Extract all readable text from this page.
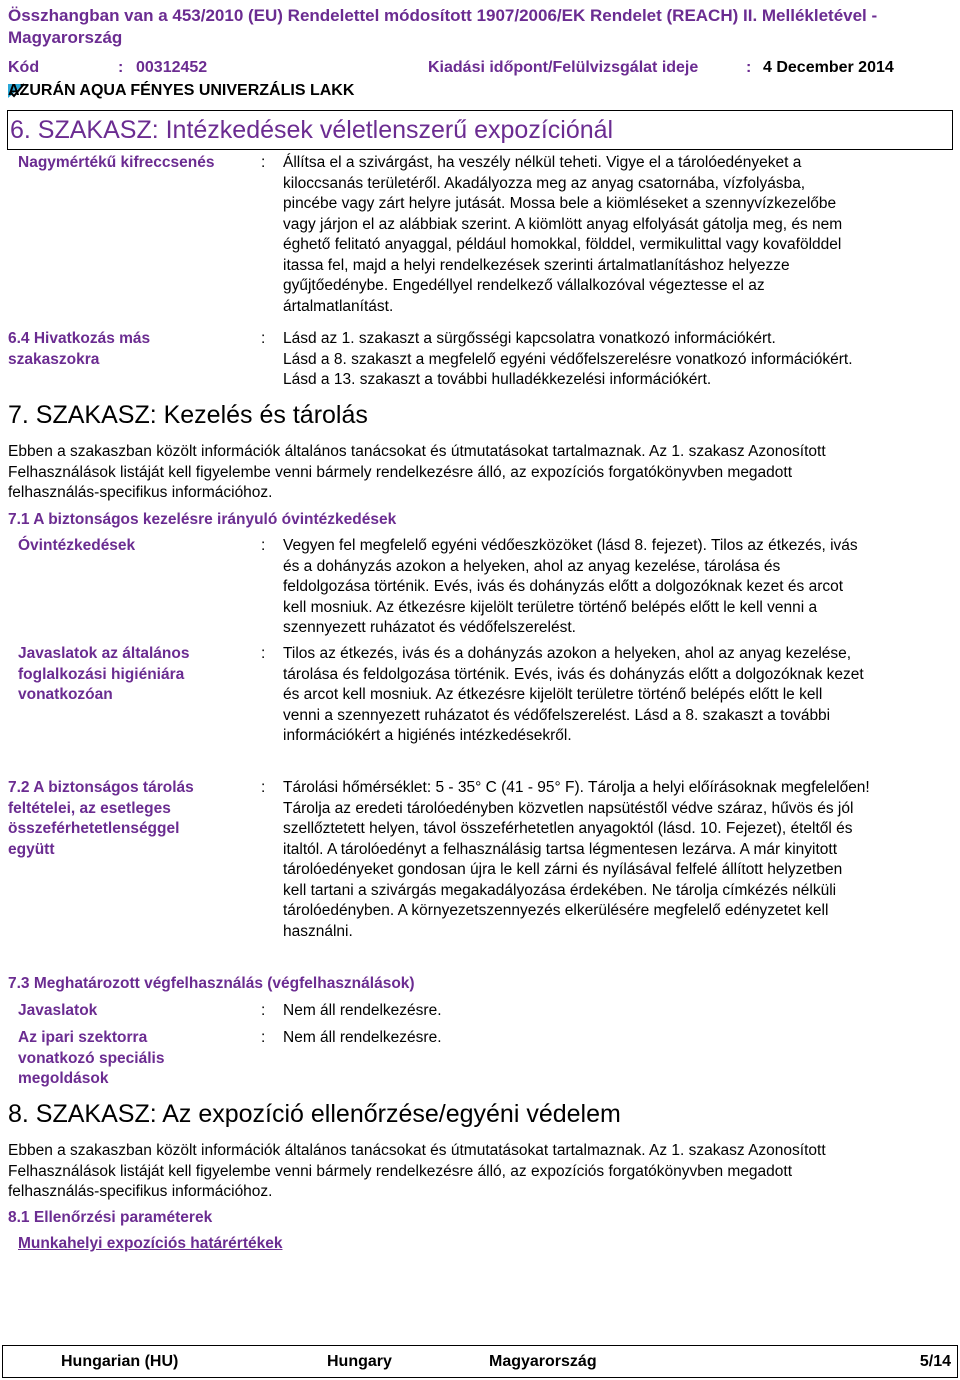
Összhangban van a 453/2010 (EU) Rendelettel módosított 1907/2006/EK Rendelet (REACH) II. Mellékletével - Magyarország
Kód	: 00312452	Kiadási időpont/Felülvizsgálat ideje	: 4 December 2014
AZURÁN AQUA FÉNYES UNIVERZÁLIS LAKK
6. SZAKASZ: Intézkedések véletlenszerű expozíciónál
Nagymértékű kifreccsenés	: Állítsa el a szivárgást, ha veszély nélkül teheti. Vigye el a tárolóedényeket a
kiloccsanás területéről. Akadályozza meg az anyag csatornába, vízfolyásba,
pincébe vagy zárt helyre jutását. Mossa bele a kiömléseket a szennyvízkezelőbe
vagy járjon el az alábbiak szerint. A kiömlött anyag elfolyását gátolja meg, és nem
éghető felitató anyaggal, például homokkal, földdel, vermikulittal vagy kovafölddel
itassa fel, majd a helyi rendelkezések szerinti ártalmatlanításhoz helyezze
gyűjtőedénybe. Engedéllyel rendelkező vállalkozóval végeztesse el az
ártalmatlanítást.
6.4 Hivatkozás más
szakaszokra
: Lásd az 1. szakaszt a sürgősségi kapcsolatra vonatkozó információkért.
Lásd a 8. szakaszt a megfelelő egyéni védőfelszerelésre vonatkozó információkért.
Lásd a 13. szakaszt a további hulladékkezelési információkért.
7. SZAKASZ: Kezelés és tárolás
Ebben a szakaszban közölt információk általános tanácsokat és útmutatásokat tartalmaznak. Az 1. szakasz Azonosított
Felhasználások listáját kell figyelembe venni bármely rendelkezésre álló, az expozíciós forgatókönyvben megadott
felhasználás-specifikus információhoz.
7.1 A biztonságos kezelésre irányuló óvintézkedések
Óvintézkedések	: Vegyen fel megfelelő egyéni védőeszközöket (lásd 8. fejezet). Tilos az étkezés, ivás
és a dohányzás azokon a helyeken, ahol az anyag kezelése, tárolása és
feldolgozása történik. Evés, ivás és dohányzás előtt a dolgozóknak kezet és arcot
kell mosniuk. Az étkezésre kijelölt területre történő belépés előtt le kell venni a
szennyezett ruházatot és védőfelszerelést.
Javaslatok az általános
foglalkozási higiéniára
vonatkozóan
: Tilos az étkezés, ivás és a dohányzás azokon a helyeken, ahol az anyag kezelése,
tárolása és feldolgozása történik. Evés, ivás és dohányzás előtt a dolgozóknak kezet
és arcot kell mosniuk. Az étkezésre kijelölt területre történő belépés előtt le kell
venni a szennyezett ruházatot és védőfelszerelést. Lásd a 8. szakaszt a további
információkért a higiénés intézkedésekről.
7.2 A biztonságos tárolás
feltételei, az esetleges
összeférhetetlenséggel
együtt
: Tárolási hőmérséklet: 5 - 35° C (41 - 95° F). Tárolja a helyi előírásoknak megfelelően!
Tárolja az eredeti tárolóedényben közvetlen napsütéstől védve száraz, hűvös és jól
szellőztetett helyen, távol összeférhetetlen anyagoktól (lásd. 10. Fejezet), ételtől és
italtól. A tárolóedényt a felhasználásig tartsa légmentesen lezárva. A már kinyitott
tárolóedényeket gondosan újra le kell zárni és nyílásával felfelé állított helyzetben
kell tartani a szivárgás megakadályozása érdekében. Ne tárolja címkézés nélküli
tárolóedényben. A környezetszennyezés elkerülésére megfelelő edényzetet kell
használni.
7.3 Meghatározott végfelhasználás (végfelhasználások)
Javaslatok	: Nem áll rendelkezésre.
Az ipari szektorra
vonatkozó speciális
megoldások
: Nem áll rendelkezésre.
8. SZAKASZ: Az expozíció ellenőrzése/egyéni védelem
Ebben a szakaszban közölt információk általános tanácsokat és útmutatásokat tartalmaznak. Az 1. szakasz Azonosított
Felhasználások listáját kell figyelembe venni bármely rendelkezésre álló, az expozíciós forgatókönyvben megadott
felhasználás-specifikus információhoz.
8.1 Ellenőrzési paraméterek
Munkahelyi expozíciós határértékek
Hungarian (HU)	Hungary	Magyarország	5/14
